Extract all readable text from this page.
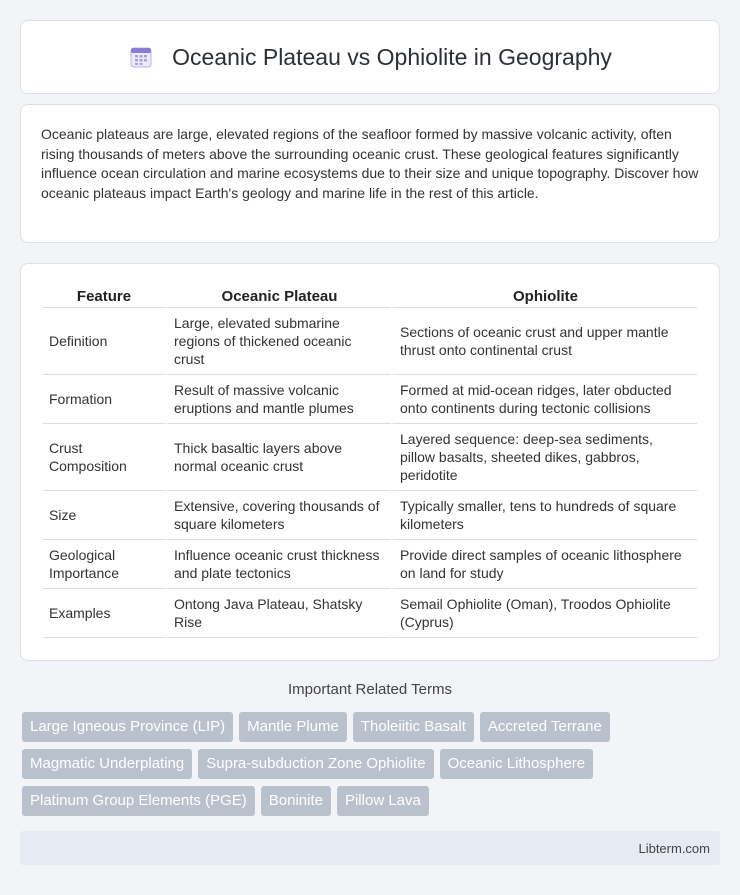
Oceanic Plateau vs Ophiolite in Geography

Oceanic plateaus are large, elevated regions of the seafloor formed by massive volcanic activity, often rising thousands of meters above the surrounding oceanic crust. These geological features significantly influence ocean circulation and marine ecosystems due to their size and unique topography. Discover how oceanic plateaus impact Earth's geology and marine life in the rest of this article.

Feature	Oceanic Plateau	Ophiolite
Definition	Large, elevated submarine regions of thickened oceanic crust	Sections of oceanic crust and upper mantle thrust onto continental crust
Formation	Result of massive volcanic eruptions and mantle plumes	Formed at mid-ocean ridges, later obducted onto continents during tectonic collisions
Crust Composition	Thick basaltic layers above normal oceanic crust	Layered sequence: deep-sea sediments, pillow basalts, sheeted dikes, gabbros, peridotite
Size	Extensive, covering thousands of square kilometers	Typically smaller, tens to hundreds of square kilometers
Geological Importance	Influence oceanic crust thickness and plate tectonics	Provide direct samples of oceanic lithosphere on land for study
Examples	Ontong Java Plateau, Shatsky Rise	Semail Ophiolite (Oman), Troodos Ophiolite (Cyprus)
Important Related Terms
Large Igneous Province (LIP)	Mantle Plume	Tholeiitic Basalt	Accreted Terrane
Magmatic Underplating	Supra-subduction Zone Ophiolite	Oceanic Lithosphere
Platinum Group Elements (PGE)	Boninite	Pillow Lava
Libterm.com
